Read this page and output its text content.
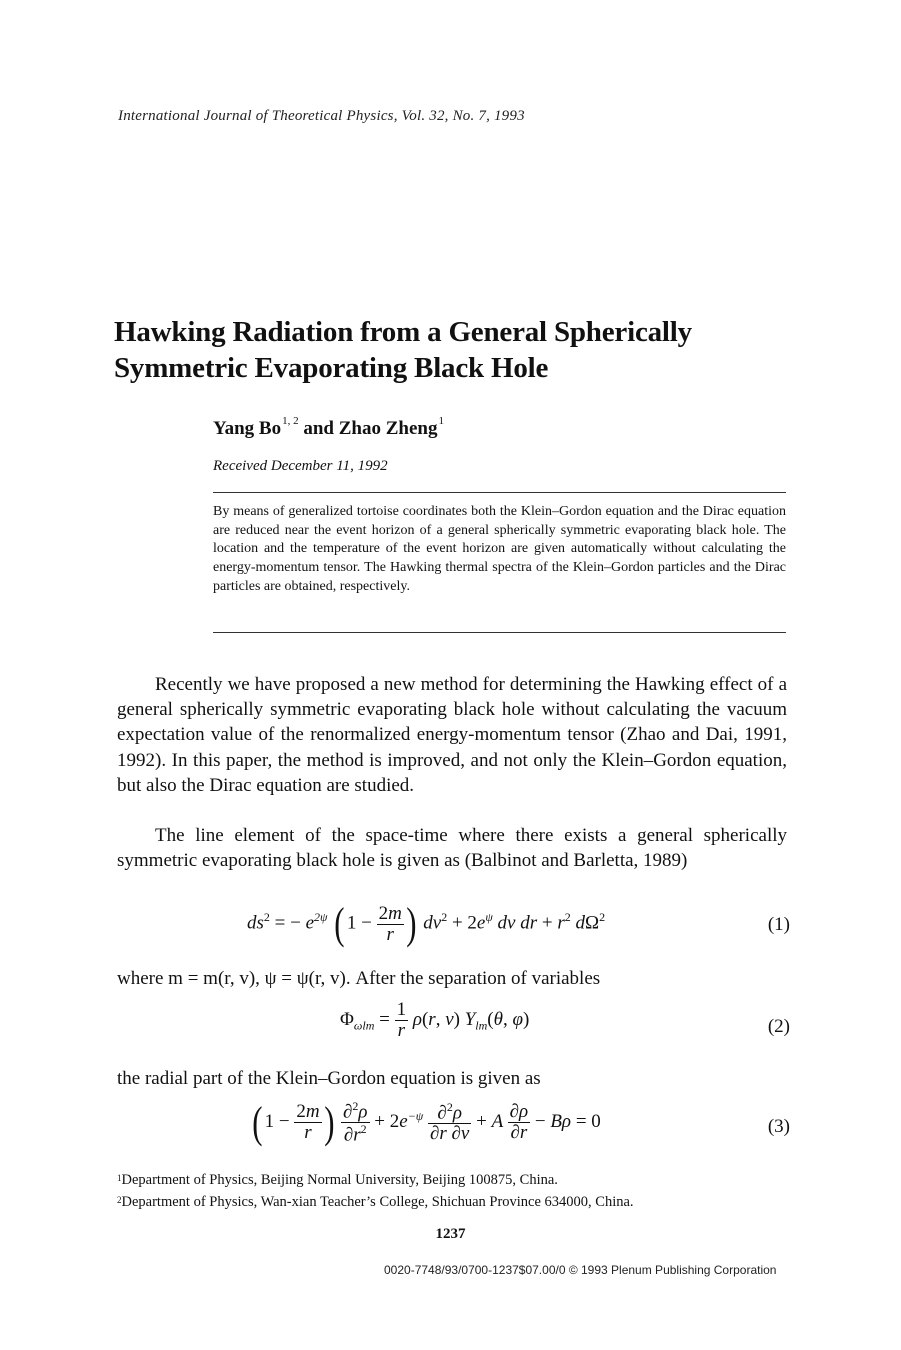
International Journal of Theoretical Physics, Vol. 32, No. 7, 1993
Hawking Radiation from a General Spherically
Symmetric Evaporating Black Hole
Yang Bo$^{1, 2}$ and Zhao Zheng$^1$
Received December 11, 1992
By means of generalized tortoise coordinates both the Klein–Gordon equation and the Dirac equation are reduced near the event horizon of a general spherically symmetric evaporating black hole. The location and the temperature of the event horizon are given automatically without calculating the energy-momentum tensor. The Hawking thermal spectra of the Klein–Gordon particles and the Dirac particles are obtained, respectively.
Recently we have proposed a new method for determining the Hawking effect of a general spherically symmetric evaporating black hole without calculating the vacuum expectation value of the renormalized energy-momentum tensor (Zhao and Dai, 1991, 1992). In this paper, the method is improved, and not only the Klein–Gordon equation, but also the Dirac equation are studied.
The line element of the space-time where there exists a general spherically symmetric evaporating black hole is given as (Balbinot and Barletta, 1989)
$ds^2$ = − $e^{2\psi}$ ( $1 - \frac{2m}{r}$ ) $dv^2 + 2e^\psi$ dv dr + $r^2$ $d\Omega^2$	(1)
where m = m(r, v), ψ = ψ(r, v). After the separation of variables
$\Phi_{\omega lm} = \frac{1}{r} \rho(r$, v) $Y_{lm}(\theta$, φ)	(2)
the radial part of the Klein–Gordon equation is given as
( $1 - \frac{2m}{r}$ ) $\frac{\partial^2\rho}{\partial r^2} + 2e^{-\psi} \frac{\partial^2\rho}{\partial r \partial v} + A \frac{\partial\rho}{\partial r} - B\rho = 0$	(3)
$^1$Department of Physics, Beijing Normal University, Beijing 100875, China.
$^2$Department of Physics, Wan-xian Teacher’s College, Shichuan Province 634000, China.
1237
0020-7748/93/0700-1237$07.00/0 © 1993 Plenum Publishing Corporation
